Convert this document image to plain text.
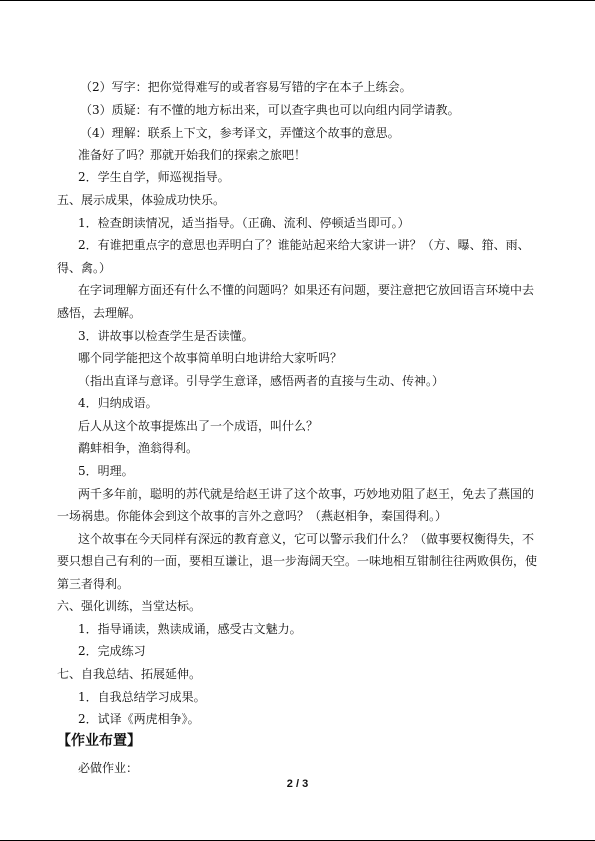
（2）写字：把你觉得难写的或者容易写错的字在本子上练会。
（3）质疑：有不懂的地方标出来，可以查字典也可以向组内同学请教。
（4）理解：联系上下文，参考译文，弄懂这个故事的意思。
准备好了吗？那就开始我们的探索之旅吧！
2．学生自学，师巡视指导。
五、展示成果，体验成功快乐。
1．检查朗读情况，适当指导。（正确、流利、停顿适当即可。）
2．有谁把重点字的意思也弄明白了？谁能站起来给大家讲一讲？（方、曝、箝、雨、
得、禽。）
在字词理解方面还有什么不懂的问题吗？如果还有问题，要注意把它放回语言环境中去
感悟，去理解。
3．讲故事以检查学生是否读懂。
哪个同学能把这个故事简单明白地讲给大家听吗？
（指出直译与意译。引导学生意译，感悟两者的直接与生动、传神。）
4．归纳成语。
后人从这个故事提炼出了一个成语，叫什么？
鹬蚌相争，渔翁得利。
5．明理。
两千多年前，聪明的苏代就是给赵王讲了这个故事，巧妙地劝阻了赵王，免去了燕国的
一场祸患。你能体会到这个故事的言外之意吗？（燕赵相争，秦国得利。）
这个故事在今天同样有深远的教育意义，它可以警示我们什么？（做事要权衡得失，不
要只想自己有利的一面，要相互谦让，退一步海阔天空。一味地相互钳制往往两败俱伤，使
第三者得利。
六、强化训练，当堂达标。
1．指导诵读，熟读成诵，感受古文魅力。
2．完成练习
七、自我总结、拓展延伸。
1．自我总结学习成果。
2．试译《两虎相争》。
【作业布置】
必做作业：
2 / 3
